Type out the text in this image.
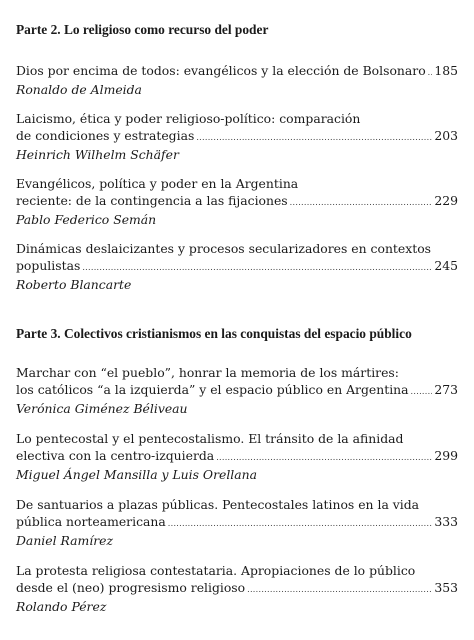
Parte 2. Lo religioso como recurso del poder
Dios por encima de todos: evangélicos y la elección de Bolsonaro ..... 185
Ronaldo de Almeida
Laicismo, ética y poder religioso-político: comparación
de condiciones y estrategias .....	203
Heinrich Wilhelm Schäfer
Evangélicos, política y poder en la Argentina
reciente: de la contingencia a las fijaciones .....	229
Pablo Federico Semán
Dinámicas deslaicizantes y procesos secularizadores en contextos
populistas .....	245
Roberto Blancarte
Parte 3. Colectivos cristianismos en las conquistas del espacio público
Marchar con “el pueblo”, honrar la memoria de los mártires:
los católicos “a la izquierda” y el espacio público en Argentina ..... 273
Verónica Giménez Béliveau
Lo pentecostal y el pentecostalismo. El tránsito de la afinidad
electiva con la centro-izquierda .....	299
Miguel Ángel Mansilla y Luis Orellana
De santuarios a plazas públicas. Pentecostales latinos en la vida
pública norteamericana .....	333
Daniel Ramírez
La protesta religiosa contestataria. Apropiaciones de lo público
desde el (neo) progresismo religioso .....	353
Rolando Pérez
